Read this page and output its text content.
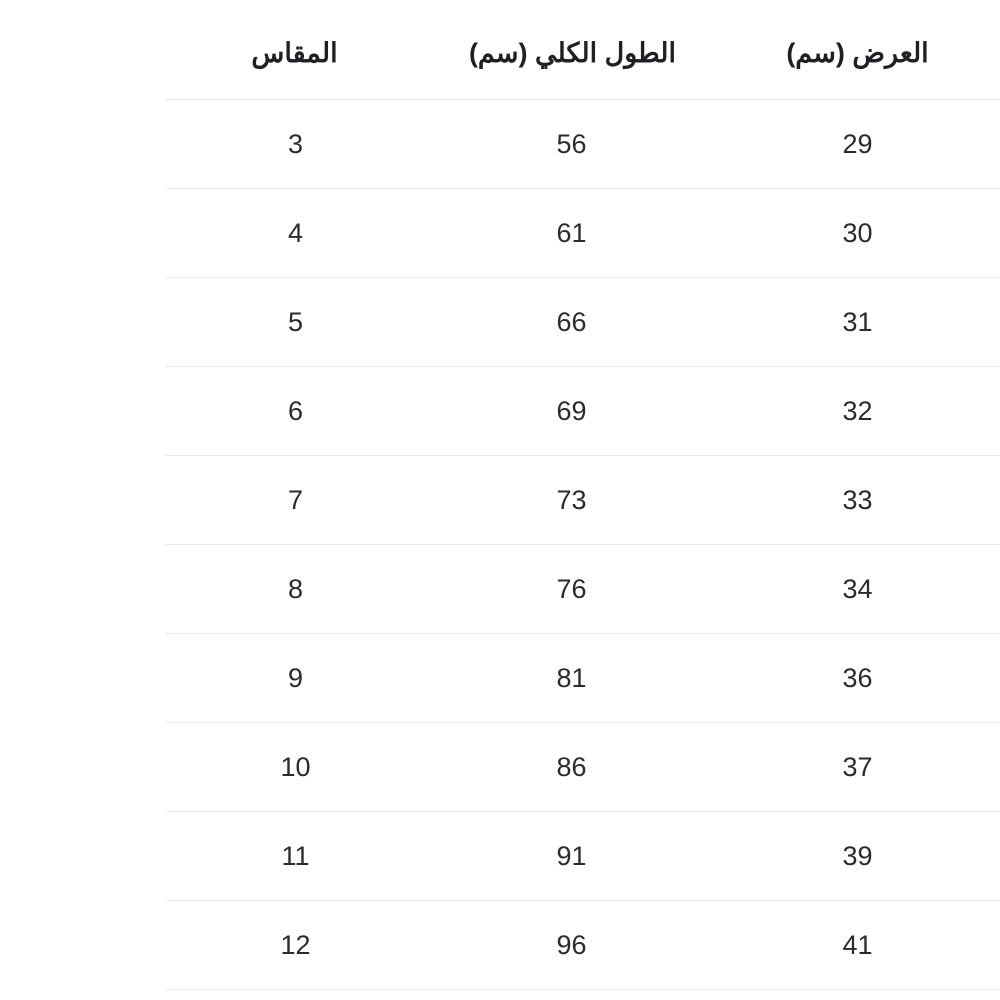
العرض (سم)	الطول الكلي (سم)	المقاس
29	56	3
30	61	4
31	66	5
32	69	6
33	73	7
34	76	8
36	81	9
37	86	10
39	91	11
41	96	12
